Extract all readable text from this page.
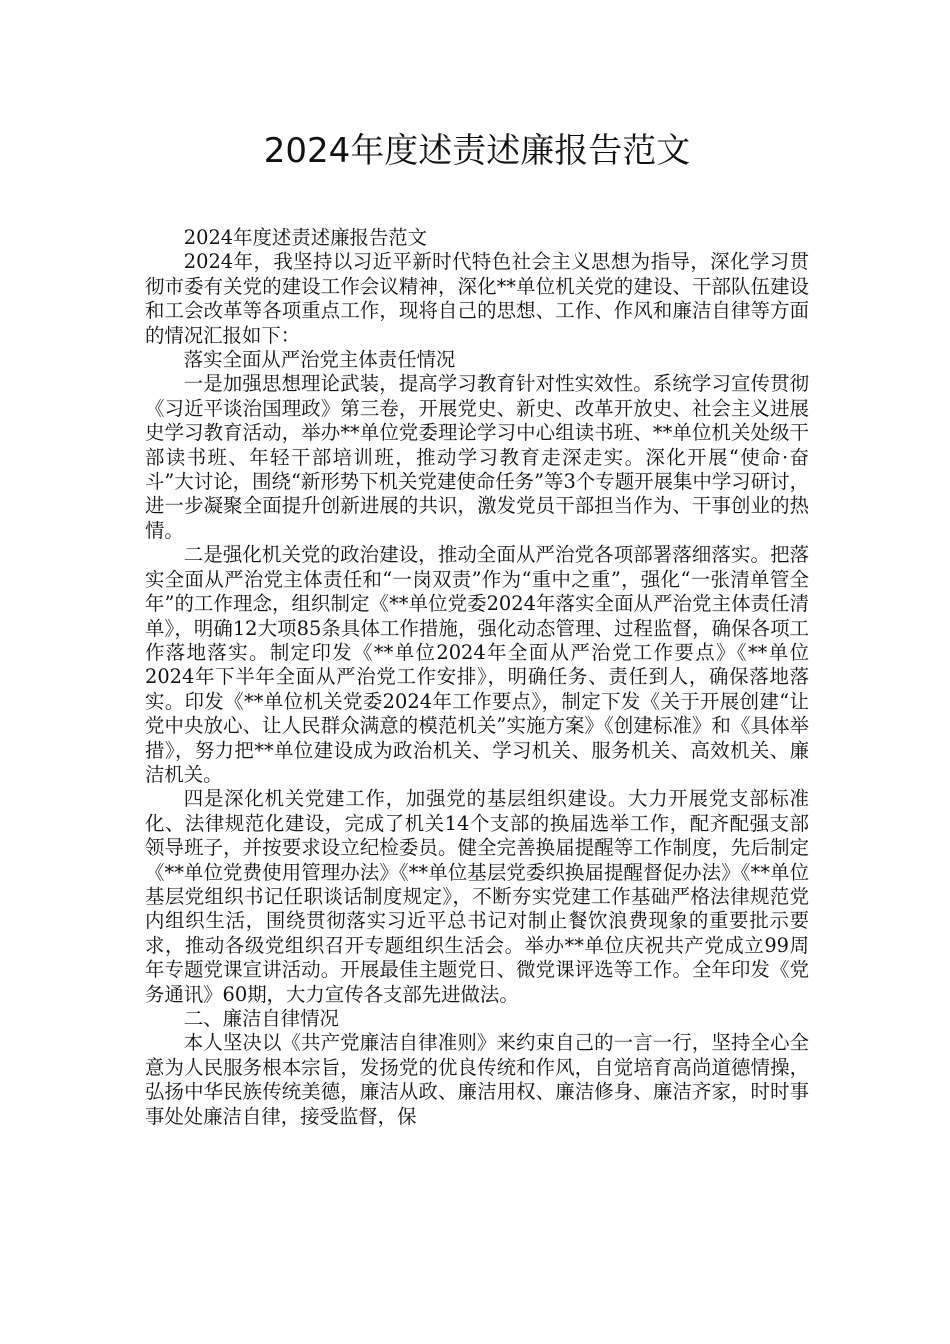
2024年度述责述廉报告范文

2024年度述责述廉报告范文

2024年，我坚持以习近平新时代特色社会主义思想为指导，深化学习贯彻市委有关党的建设工作会议精神，深化**单位机关党的建设、干部队伍建设和工会改革等各项重点工作，现将自己的思想、工作、作风和廉洁自律等方面的情况汇报如下：

落实全面从严治党主体责任情况

一是加强思想理论武装，提高学习教育针对性实效性。系统学习宣传贯彻《习近平谈治国理政》第三卷，开展党史、新史、改革开放史、社会主义进展史学习教育活动，举办**单位党委理论学习中心组读书班、**单位机关处级干部读书班、年轻干部培训班，推动学习教育走深走实。深化开展“使命·奋斗”大讨论，围绕“新形势下机关党建使命任务”等3个专题开展集中学习研讨，进一步凝聚全面提升创新进展的共识，激发党员干部担当作为、干事创业的热情。

二是强化机关党的政治建设，推动全面从严治党各项部署落细落实。把落实全面从严治党主体责任和“一岗双责”作为“重中之重”，强化“一张清单管全年”的工作理念，组织制定《**单位党委2024年落实全面从严治党主体责任清单》，明确12大项85条具体工作措施，强化动态管理、过程监督，确保各项工作落地落实。制定印发《**单位2024年全面从严治党工作要点》《**单位2024年下半年全面从严治党工作安排》，明确任务、责任到人，确保落地落实。印发《**单位机关党委2024年工作要点》，制定下发《关于开展创建“让党中央放心、让人民群众满意的模范机关”实施方案》《创建标准》和《具体举措》，努力把**单位建设成为政治机关、学习机关、服务机关、高效机关、廉洁机关。

四是深化机关党建工作，加强党的基层组织建设。大力开展党支部标准化、法律规范化建设，完成了机关14个支部的换届选举工作，配齐配强支部领导班子，并按要求设立纪检委员。健全完善换届提醒等工作制度，先后制定《**单位党费使用管理办法》《**单位基层党委织换届提醒督促办法》《**单位基层党组织书记任职谈话制度规定》，不断夯实党建工作基础严格法律规范党内组织生活，围绕贯彻落实习近平总书记对制止餐饮浪费现象的重要批示要求，推动各级党组织召开专题组织生活会。举办**单位庆祝共产党成立99周年专题党课宣讲活动。开展最佳主题党日、微党课评选等工作。全年印发《党务通讯》60期，大力宣传各支部先进做法。

二、廉洁自律情况

本人坚决以《共产党廉洁自律准则》来约束自己的一言一行，坚持全心全意为人民服务根本宗旨，发扬党的优良传统和作风，自觉培育高尚道德情操，弘扬中华民族传统美德，廉洁从政、廉洁用权、廉洁修身、廉洁齐家，时时事事处处廉洁自律，接受监督，保
